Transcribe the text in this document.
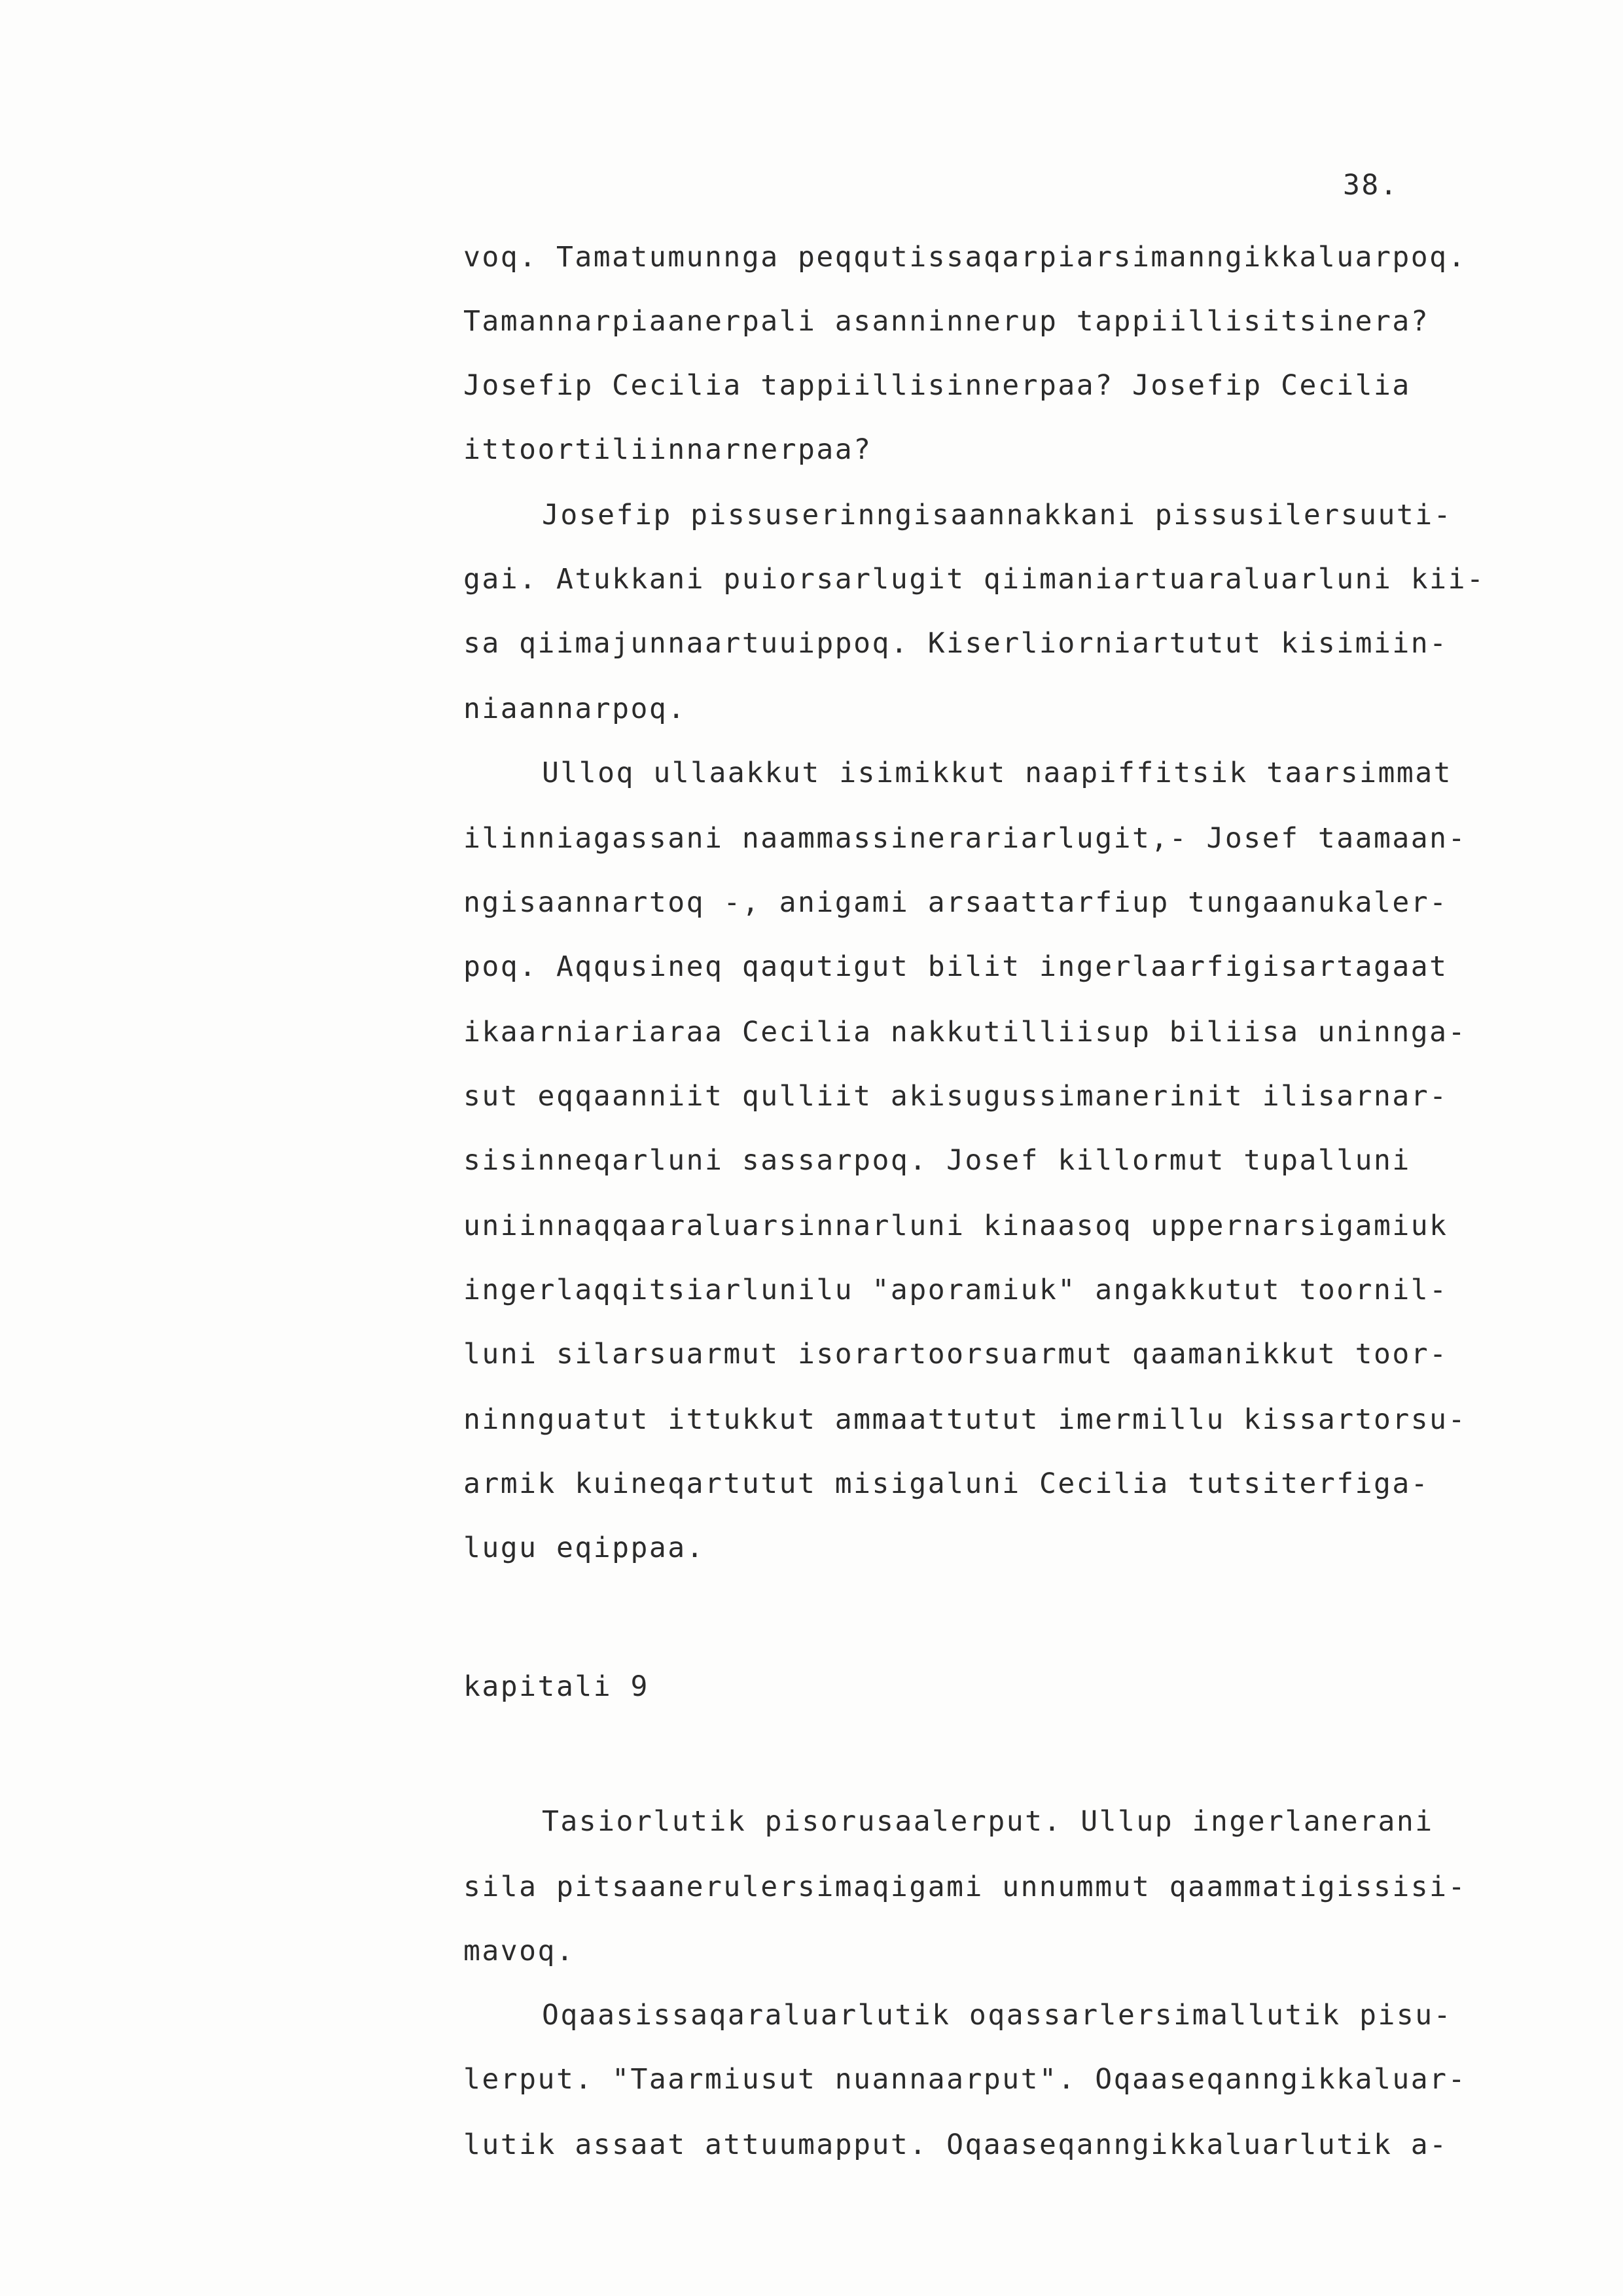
38.
voq. Tamatumunnga peqqutissaqarpiarsimanngikkaluarpoq.
Tamannarpiaanerpali asanninnerup tappiillisitsinera?
Josefip Cecilia tappiillisinnerpaa? Josefip Cecilia
ittoortiliinnarnerpaa?
Josefip pissuserinngisaannakkani pissusilersuuti-
gai. Atukkani puiorsarlugit qiimaniartuaraluarluni kii-
sa qiimajunnaartuuippoq. Kiserliorniartutut kisimiin-
niaannarpoq.
Ulloq ullaakkut isimikkut naapiffitsik taarsimmat
ilinniagassani naammassinerariarlugit,- Josef taamaan-
ngisaannartoq -, anigami arsaattarfiup tungaanukaler-
poq. Aqqusineq qaqutigut bilit ingerlaarfigisartagaat
ikaarniariaraa Cecilia nakkutilliisup biliisa uninnga-
sut eqqaanniit qulliit akisugussimanerinit ilisarnar-
sisinneqarluni sassarpoq. Josef killormut tupalluni
uniinnaqqaaraluarsinnarluni kinaasoq uppernarsigamiuk
ingerlaqqitsiarlunilu "aporamiuk" angakkutut toornil-
luni silarsuarmut isorartoorsuarmut qaamanikkut toor-
ninnguatut ittukkut ammaattutut imermillu kissartorsu-
armik kuineqartutut misigaluni Cecilia tutsiterfiga-
lugu eqippaa.
kapitali 9
Tasiorlutik pisorusaalerput. Ullup ingerlanerani
sila pitsaanerulersimaqigami unnummut qaammatigissisi-
mavoq.
Oqaasissaqaraluarlutik oqassarlersimallutik pisu-
lerput. "Taarmiusut nuannaarput". Oqaaseqanngikkaluar-
lutik assaat attuumapput. Oqaaseqanngikkaluarlutik a-
